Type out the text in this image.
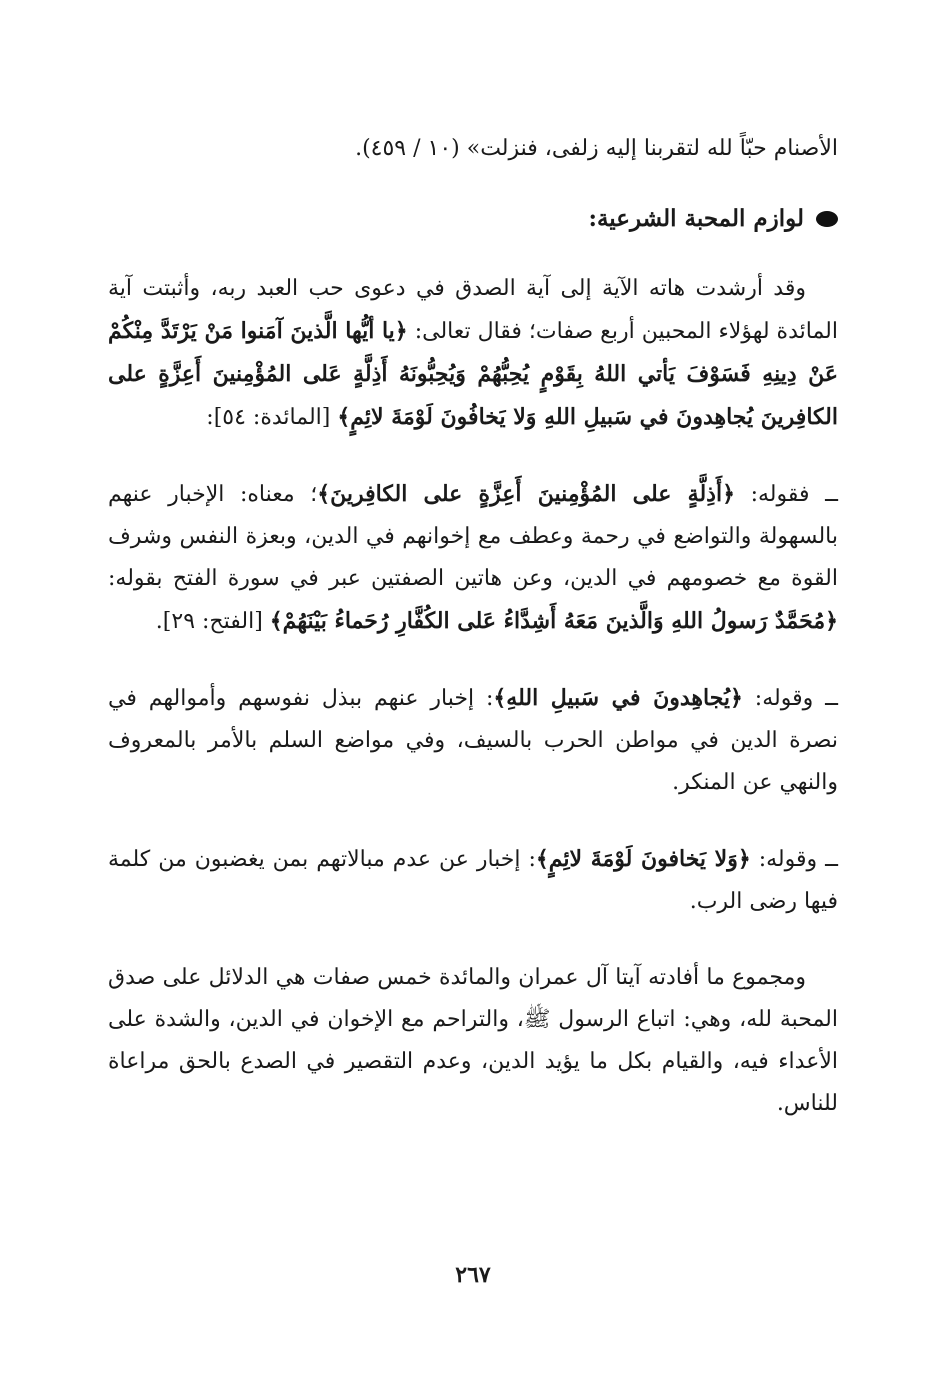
الأصنام حبّاً لله لتقربنا إليه زلفى، فنزلت» (١٠ / ٤٥٩).

لوازم المحبة الشرعية:

وقد أرشدت هاته الآية إلى آية الصدق في دعوى حب العبد ربه، وأثبتت آية المائدة لهؤلاء المحبين أربع صفات؛ فقال تعالى: ﴿يا أيُّها الَّذينَ آمَنوا مَنْ يَرْتَدَّ مِنْكُمْ عَنْ دِينِهِ فَسَوْفَ يَأتي اللهُ بِقَوْمٍ يُحِبُّهُمْ وَيُحِبُّونَهُ أَذِلَّةٍ عَلى المُؤْمِنينَ أَعِزَّةٍ على الكافِرينَ يُجاهِدونَ في سَبيلِ اللهِ وَلا يَخافُونَ لَوْمَةَ لائِمٍ﴾ [المائدة: ٥٤]:

ــ فقوله: ﴿أَذِلَّةٍ على المُؤْمِنينَ أَعِزَّةٍ على الكافِرينَ﴾؛ معناه: الإخبار عنهم بالسهولة والتواضع في رحمة وعطف مع إخوانهم في الدين، وبعزة النفس وشرف القوة مع خصومهم في الدين، وعن هاتين الصفتين عبر في سورة الفتح بقوله: ﴿مُحَمَّدٌ رَسولُ اللهِ وَالَّذينَ مَعَهُ أَشِدَّاءُ عَلى الكُفَّارِ رُحَماءُ بَيْنَهُمْ﴾ [الفتح: ٢٩].

ــ وقوله: ﴿يُجاهِدونَ في سَبيلِ اللهِ﴾: إخبار عنهم ببذل نفوسهم وأموالهم في نصرة الدين في مواطن الحرب بالسيف، وفي مواضع السلم بالأمر بالمعروف والنهي عن المنكر.

ــ وقوله: ﴿وَلا يَخافونَ لَوْمَةَ لائِمٍ﴾: إخبار عن عدم مبالاتهم بمن يغضبون من كلمة فيها رضى الرب.

ومجموع ما أفادته آيتا آل عمران والمائدة خمس صفات هي الدلائل على صدق المحبة لله، وهي: اتباع الرسول ﷺ، والتراحم مع الإخوان في الدين، والشدة على الأعداء فيه، والقيام بكل ما يؤيد الدين، وعدم التقصير في الصدع بالحق مراعاة للناس.

٢٦٧
